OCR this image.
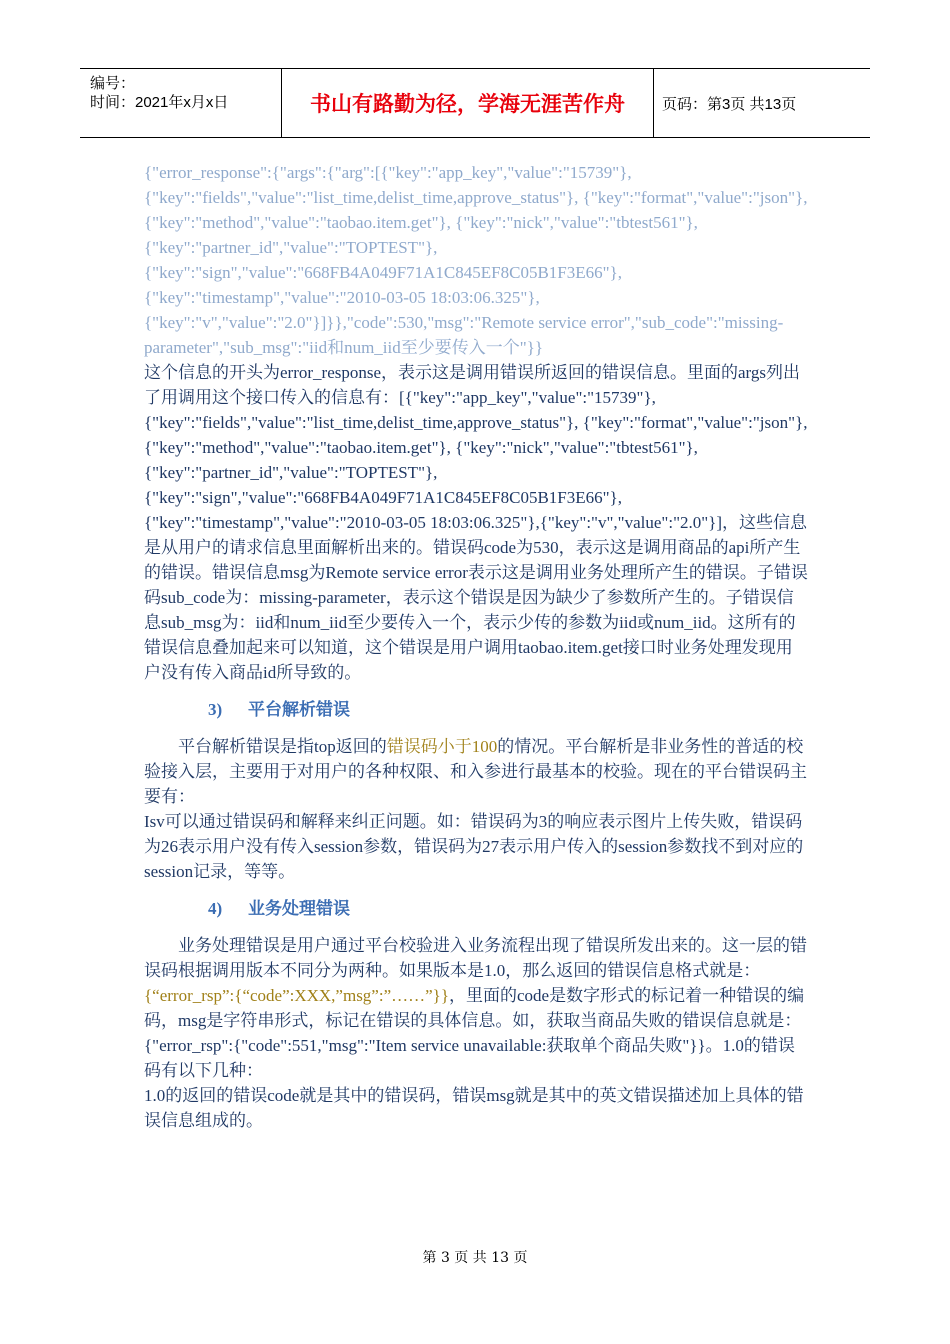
编号：
时间：2021年x月x日	书山有路勤为径，学海无涯苦作舟 页码：第3页 共13页

{"error_response":{"args":{"arg":[{"key":"app_key","value":"15739"}, {"key":"fields","value":"list_time,delist_time,approve_status"}, {"key":"format","value":"json"},{"key":"method","value":"taobao.item.get"}, {"key":"nick","value":"tbtest561"},{"key":"partner_id","value":"TOPTEST"}, {"key":"sign","value":"668FB4A049F71A1C845EF8C05B1F3E66"}, {"key":"timestamp","value":"2010-03-05 18:03:06.325"}, {"key":"v","value":"2.0"}]}},"code":530,"msg":"Remote service error","sub_code":"missing-parameter","sub_msg":"iid和num_iid至少要传入一个"}}

这个信息的开头为error_response，表示这是调用错误所返回的错误信息。里面的args列出了用调用这个接口传入的信息有：[{"key":"app_key","value":"15739"}, {"key":"fields","value":"list_time,delist_time,approve_status"}, {"key":"format","value":"json"},{"key":"method","value":"taobao.item.get"}, {"key":"nick","value":"tbtest561"},{"key":"partner_id","value":"TOPTEST"}, {"key":"sign","value":"668FB4A049F71A1C845EF8C05B1F3E66"}, {"key":"timestamp","value":"2010-03-05 18:03:06.325"},{"key":"v","value":"2.0"}]，这些信息是从用户的请求信息里面解析出来的。错误码code为530，表示这是调用商品的api所产生的错误。错误信息msg为Remote service error表示这是调用业务处理所产生的错误。子错误码sub_code为：missing-parameter，表示这个错误是因为缺少了参数所产生的。子错误信息sub_msg为：iid和num_iid至少要传入一个，表示少传的参数为iid或num_iid。这所有的错误信息叠加起来可以知道，这个错误是用户调用taobao.item.get接口时业务处理发现用户没有传入商品id所导致的。

3) 平台解析错误

平台解析错误是指top返回的错误码小于100的情况。平台解析是非业务性的普适的校验接入层，主要用于对用户的各种权限、和入参进行最基本的校验。现在的平台错误码主要有：

Isv可以通过错误码和解释来纠正问题。如：错误码为3的响应表示图片上传失败，错误码为26表示用户没有传入session参数，错误码为27表示用户传入的session参数找不到对应的session记录，等等。

4) 业务处理错误

业务处理错误是用户通过平台校验进入业务流程出现了错误所发出来的。这一层的错误码根据调用版本不同分为两种。如果版本是1.0，那么返回的错误信息格式就是：{“error_rsp”:{“code”:XXX,”msg”:”……”}}，里面的code是数字形式的标记着一种错误的编码，msg是字符串形式，标记在错误的具体信息。如，获取当商品失败的错误信息就是：{"error_rsp":{"code":551,"msg":"Item service unavailable:获取单个商品失败"}}。1.0的错误码有以下几种：

1.0的返回的错误code就是其中的错误码，错误msg就是其中的英文错误描述加上具体的错误信息组成的。

第 3 页 共 13 页
